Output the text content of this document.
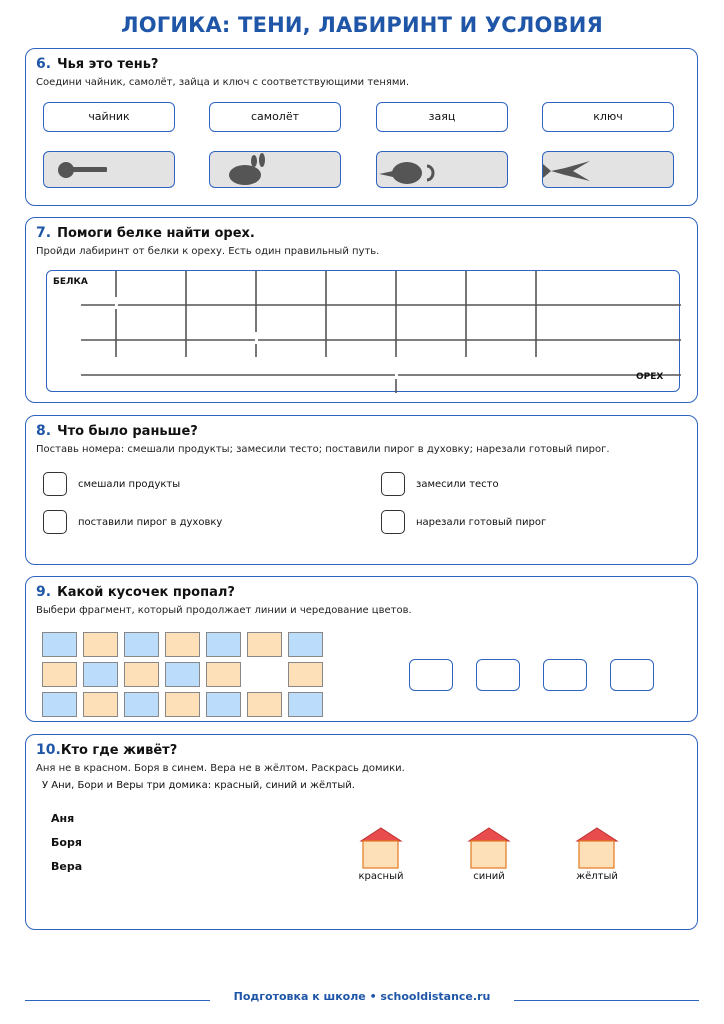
ЛОГИКА: ТЕНИ, ЛАБИРИНТ И УСЛОВИЯ
6. Чья это тень?
Соедини чайник, самолёт, зайца и ключ с соответствующими тенями.
чайник	самолёт	заяц	ключ
7. Помоги белке найти орех.
Пройди лабиринт от белки к ореху. Есть один правильный путь.
БЕЛКА
ОРЕХ
8. Что было раньше?
Поставь номера: смешали продукты; замесили тесто; поставили пирог в духовку; нарезали готовый пирог.
смешали продукты	замесили тесто
поставили пирог в духовку	нарезали готовый пирог
9. Какой кусочек пропал?
Выбери фрагмент, который продолжает линии и чередование цветов.
10.Кто где живёт?
Аня не в красном. Боря в синем. Вера не в жёлтом. Раскрась домики.
У Ани, Бори и Веры три домика: красный, синий и жёлтый.
Аня
Боря
Вера
красный	синий	жёлтый
Подготовка к школе • schooldistance.ru
